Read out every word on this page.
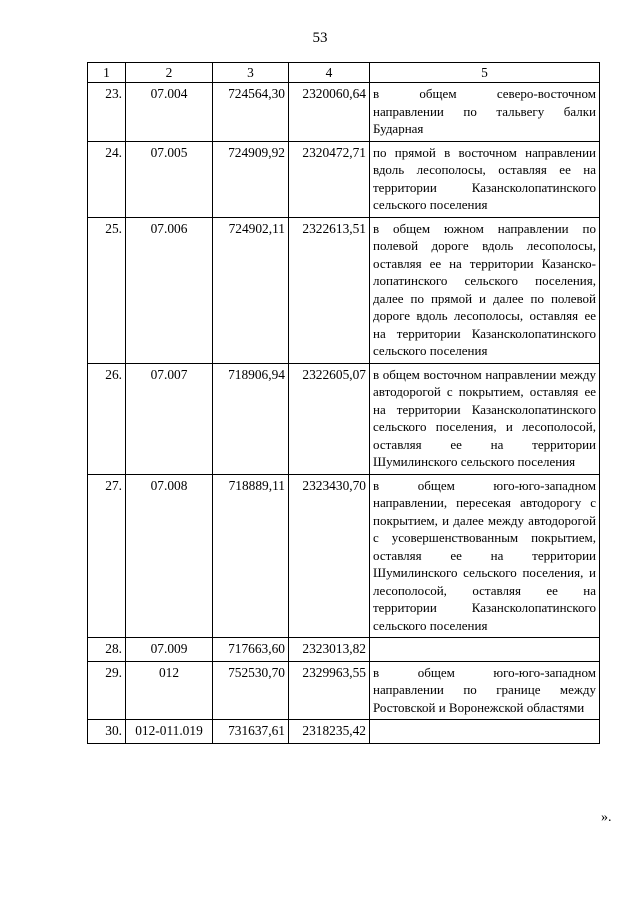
53
1	2	3	4	5
23.	07.004	724564,30	2320060,64	в общем северо-восточном направлении по тальвегу балки Бударная
24.	07.005	724909,92	2320472,71	по прямой в восточном направлении вдоль лесополосы, оставляя ее на территории Казансколопатинского сельского поселения
25.	07.006	724902,11	2322613,51	в общем южном направлении по полевой дороге вдоль лесополосы, оставляя ее на территории Казансколопатинского сельского поселения, далее по прямой и далее по полевой дороге вдоль лесополосы, оставляя ее на территории Казансколопатинского сельского поселения
26.	07.007	718906,94	2322605,07	в общем восточном направлении между автодорогой с покрытием, оставляя ее на территории Казансколопатинского сельского поселения, и лесополосой, оставляя ее на территории Шумилинского сельского поселения
27.	07.008	718889,11	2323430,70	в общем юго-юго-западном направлении, пересекая автодорогу с покрытием, и далее между автодорогой с усовершенствованным покрытием, оставляя ее на территории Шумилинского сельского поселения, и лесополосой, оставляя ее на территории Казансколопатинского сельского поселения
28.	07.009	717663,60	2323013,82	
29.	012	752530,70	2329963,55	в общем юго-юго-западном направлении по границе между Ростовской и Воронежской областями
30.	012-011.019	731637,61	2318235,42	
».
